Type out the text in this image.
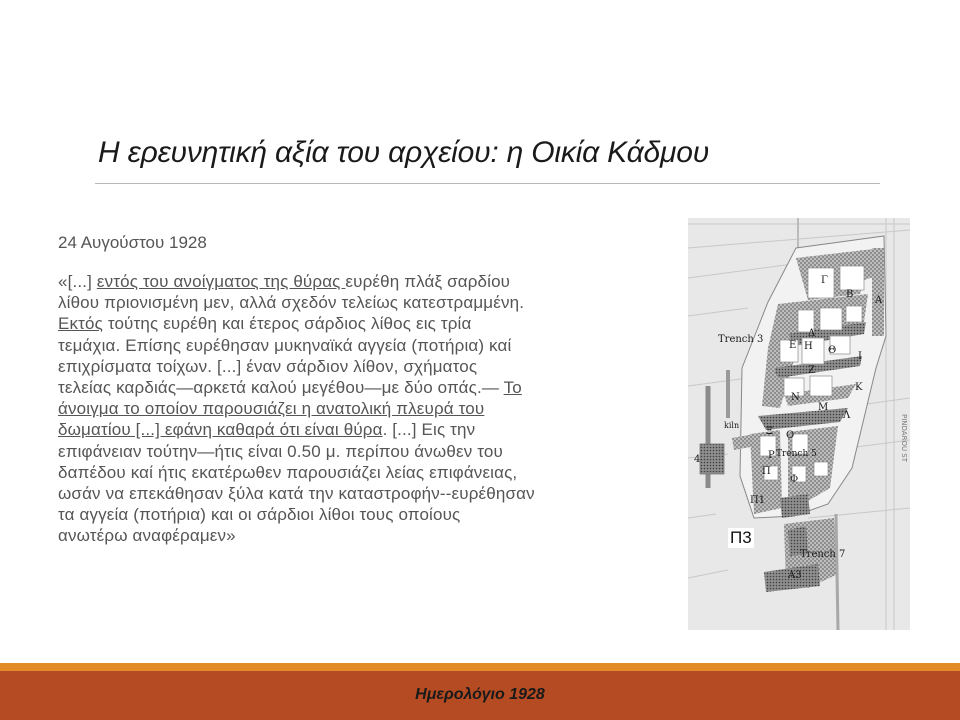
Η ερευνητική αξία του αρχείου: η Οικία Κάδμου

24 Αυγούστου 1928

«[...] εντός του ανοίγματος της θύρας ευρέθη πλάξ σαρδίου
λίθου πριονισμένη μεν, αλλά σχεδόν τελείως κατεστραμμένη.
Εκτός τούτης ευρέθη και έτερος σάρδιος λίθος εις τρία
τεμάχια. Επίσης ευρέθησαν μυκηναϊκά αγγεία (ποτήρια) καί
επιχρίσματα τοίχων. [...] έναν σάρδιον λίθον, σχήματος
τελείας καρδιάς—αρκετά καλού μεγέθου—με δύο οπάς.— Το
άνοιγμα το οποίον παρουσιάζει η ανατολική πλευρά του
δωματίου [...] εφάνη καθαρά ότι είναι θύρα. [...] Εις την
επιφάνειαν τούτην—ήτις είναι 0.50 μ. περίπου άνωθεν του
δαπέδου καί ήτις εκατέρωθεν παρουσιάζει λείας επιφάνειας,
ωσάν να επεκάθησαν ξύλα κατά την καταστροφήν--ευρέθησαν
τα αγγεία (ποτήρια) και οι σάρδιοι λίθοι τους οποίους
ανωτέρω αναφέραμεν»

Γ
Β
Α
Δ
Ε Η Θ
Ι
Ζ
Κ
Ν
Μ
Λ
Ξ Ο
Ρ
Π
Φ
Π1
Α3
Trench 3
Trench 5
Trench 7
kiln
4	PINDAROU ST
Π3
Ημερολόγιο 1928
